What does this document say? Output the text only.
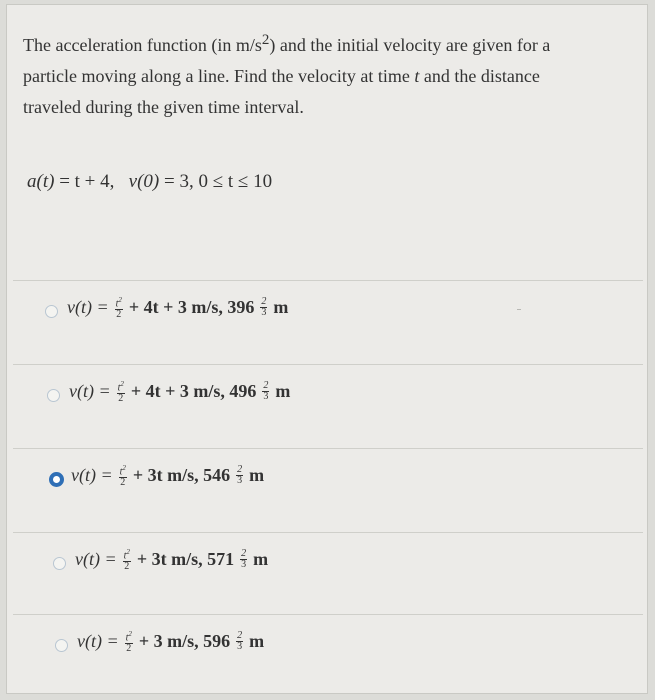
The acceleration function (in $m/s^2$) and the initial velocity are given for a
particle moving along a line. Find the velocity at time t and the distance
traveled during the given time interval.
a(t) = t + 4, v(0) = 3, 0 ≤ t ≤ 10
$v(t) = \frac{t^2}{2} + 4t + 3$ m/s, $396 \frac{2}{3}$ m
$v(t) = \frac{t^2}{2} + 4t + 3$ m/s, $496 \frac{2}{3}$ m
$v(t) = \frac{t^2}{2} + 3t$ m/s, $546 \frac{2}{3}$ m
$v(t) = \frac{t^2}{2} + 3t$ m/s, $571 \frac{2}{3}$ m
$v(t) = \frac{t^2}{2} + 3$ m/s, $596 \frac{2}{3}$ m
